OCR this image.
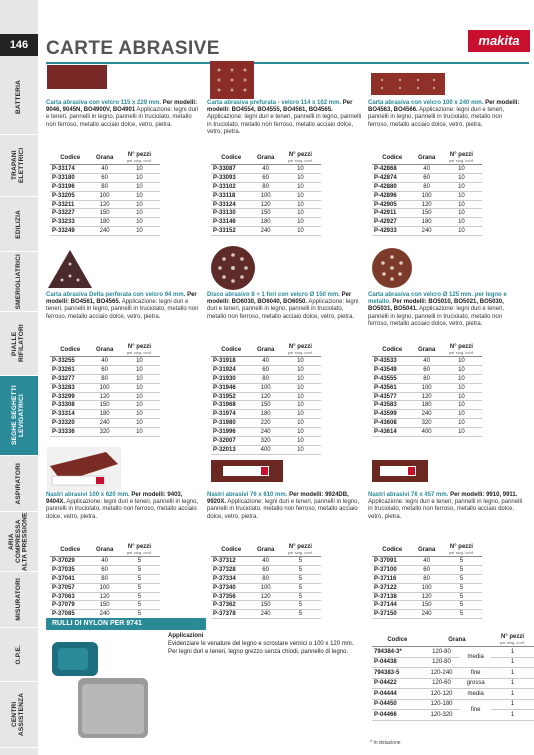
146
BATTERIA
TRAPANI ELETTRICI
EDILIZIA
SMERIGLIATRICI
PIALLE RIFILATORI
SEGHE SEGHETTI LEVIGATRICI
ASPIRATORI
ARIA COMPRESSA ALTA PRESSIONE
MISURATORI
O.P.E.
CENTRI ASSISTENZA
CARTE ABRASIVE	makita
Carta abrasiva con velcro 115 x 229 mm. Per modelli: 9046, 9045N, BO4900V, BO4901 Applicazione: legni duri e teneri, pannelli in legno, pannelli in truciolato, metallo non ferroso, metallo acciaio dolce, vetro, pietra.
Codice	Grana	N° pezzi
per sing. conf.

P-33174	40	10
P-33180	60	10
P-33196	80	10
P-33205	100	10
P-33211	120	10
P-33227	150	10
P-33233	180	10
P-33249	240	10
Carta abrasiva prefurata - velcro 114 x 102 mm. Per modelli: BO4554, BO4555, BO4561, BO4565. Applicazione: legni duri e teneri, pannelli in legno, pannelli in truciolato, metallo non ferroso, metallo acciaio dolce, vetro, pietra.
Codice	Grana	N° pezzi
per sing. conf.

P-33087	40	10
P-33093	60	10
P-33102	80	10
P-33118	100	10
P-33124	120	10
P-33130	150	10
P-33146	180	10
P-33152	240	10
Carta abrasiva con velcro 100 x 240 mm. Per modelli: BO4563, BO4566. Applicazione: legni duri e teneri, pannelli in legno, pannelli in truciolato, metallo non ferroso, metallo acciaio dolce, vetro, pietra.
Codice	Grana	N° pezzi
per sing. conf.

P-42868	40	10
P-42874	60	10
P-42880	80	10
P-42896	100	10
P-42905	120	10
P-42911	150	10
P-42927	180	10
P-42933	240	10
Carta abrasiva Delta perforata con velcro 94 mm. Per modelli: BO4561, BO4565. Applicazione: legni duri e teneri, pannelli in legno, pannelli in truciolato, metallo non ferroso, metallo acciaio dolce, vetro, pietra.
Codice	Grana	N° pezzi
per sing. conf.

P-33255	40	10
P-33261	60	10
P-33277	80	10
P-33283	100	10
P-33299	120	10
P-33308	150	10
P-33314	180	10
P-33320	240	10
P-33336	320	10
Disco abrasivo 8 + 1 fori con velcro Ø 150 mm. Per modelli: BO6030, BO6040, BO6050. Applicazione: legni duri e teneri, pannelli in legno, pannelli in truciolato, metallo non ferroso, metallo acciaio dolce, vetro, pietra.
Codice	Grana	N° pezzi
per sing. conf.

P-31918	40	10
P-31924	60	10
P-31930	80	10
P-31946	100	10
P-31952	120	10
P-31968	150	10
P-31974	180	10
P-31980	220	10
P-31996	240	10
P-32007	320	10
P-32013	400	10
Carta abrasiva con velcro Ø 125 mm. per legno e metallo. Per modelli: BO5010, BO5021, BO5030, BO5031, BO5041. Applicazione: legni duri e teneri, pannelli in legno, pannelli in truciolato, metallo non ferroso, metallo acciaio dolce, vetro, pietra.
Codice	Grana	N° pezzi
per sing. conf.

P-43533	40	10
P-43549	60	10
P-43555	80	10
P-43561	100	10
P-43577	120	10
P-43583	180	10
P-43599	240	10
P-43608	320	10
P-43614	400	10
Nastri abrasivi 100 x 620 mm. Per modelli: 9403, 9404X. Applicazione: legni duri e teneri, pannelli in legno, pannelli in truciolato, metallo non ferroso, metallo acciaio dolce, vetro, pietra.
Codice	Grana	N° pezzi
per sing. conf.

P-37029	40	5
P-37035	60	5
P-37041	80	5
P-37057	100	5
P-37063	120	5
P-37079	150	5
P-37085	240	5
Nastri abrasivi 76 x 610 mm. Per modelli: 9924DB, 9920X. Applicazione: legni duri e teneri, pannelli in legno, pannelli in truciolato, metallo non ferroso, metallo acciaio dolce, vetro, pietra.
Codice	Grana	N° pezzi
per sing. conf.

P-37312	40	5
P-37328	60	5
P-37334	80	5
P-37340	100	5
P-37356	120	5
P-37362	150	5
P-37378	240	5
Nastri abrasivi 76 x 457 mm. Per modelli: 9910, 9911. Applicazione: legni duri e teneri, pannelli in legno, pannelli in truciolato, metallo non ferroso, metallo acciaio dolce, vetro, pietra.
Codice	Grana	N° pezzi
per sing. conf.

P-37091	40	5
P-37100	60	5
P-37116	80	5
P-37122	100	5
P-37138	120	5
P-37144	150	5
P-37150	240	5
RULLI DI NYLON PER 9741
Applicazioni
Evidenziare le venature del legno e scrostare vernici o 100 x 120 mm.
Per legni duri e teneri, legno grezzo senza chiodi, pannello di legno.
Codice	Grana		N° pezzi
per sing. conf.

794384-3*	120-80	media	1
P-04438	120-80		1
794383-5	120-240	fine	1
P-04422	120-60	grossa	1
P-04444	120-120	media	1
P-04450	120-180	fine	1
P-04466	120-320		1
* In dotazione
